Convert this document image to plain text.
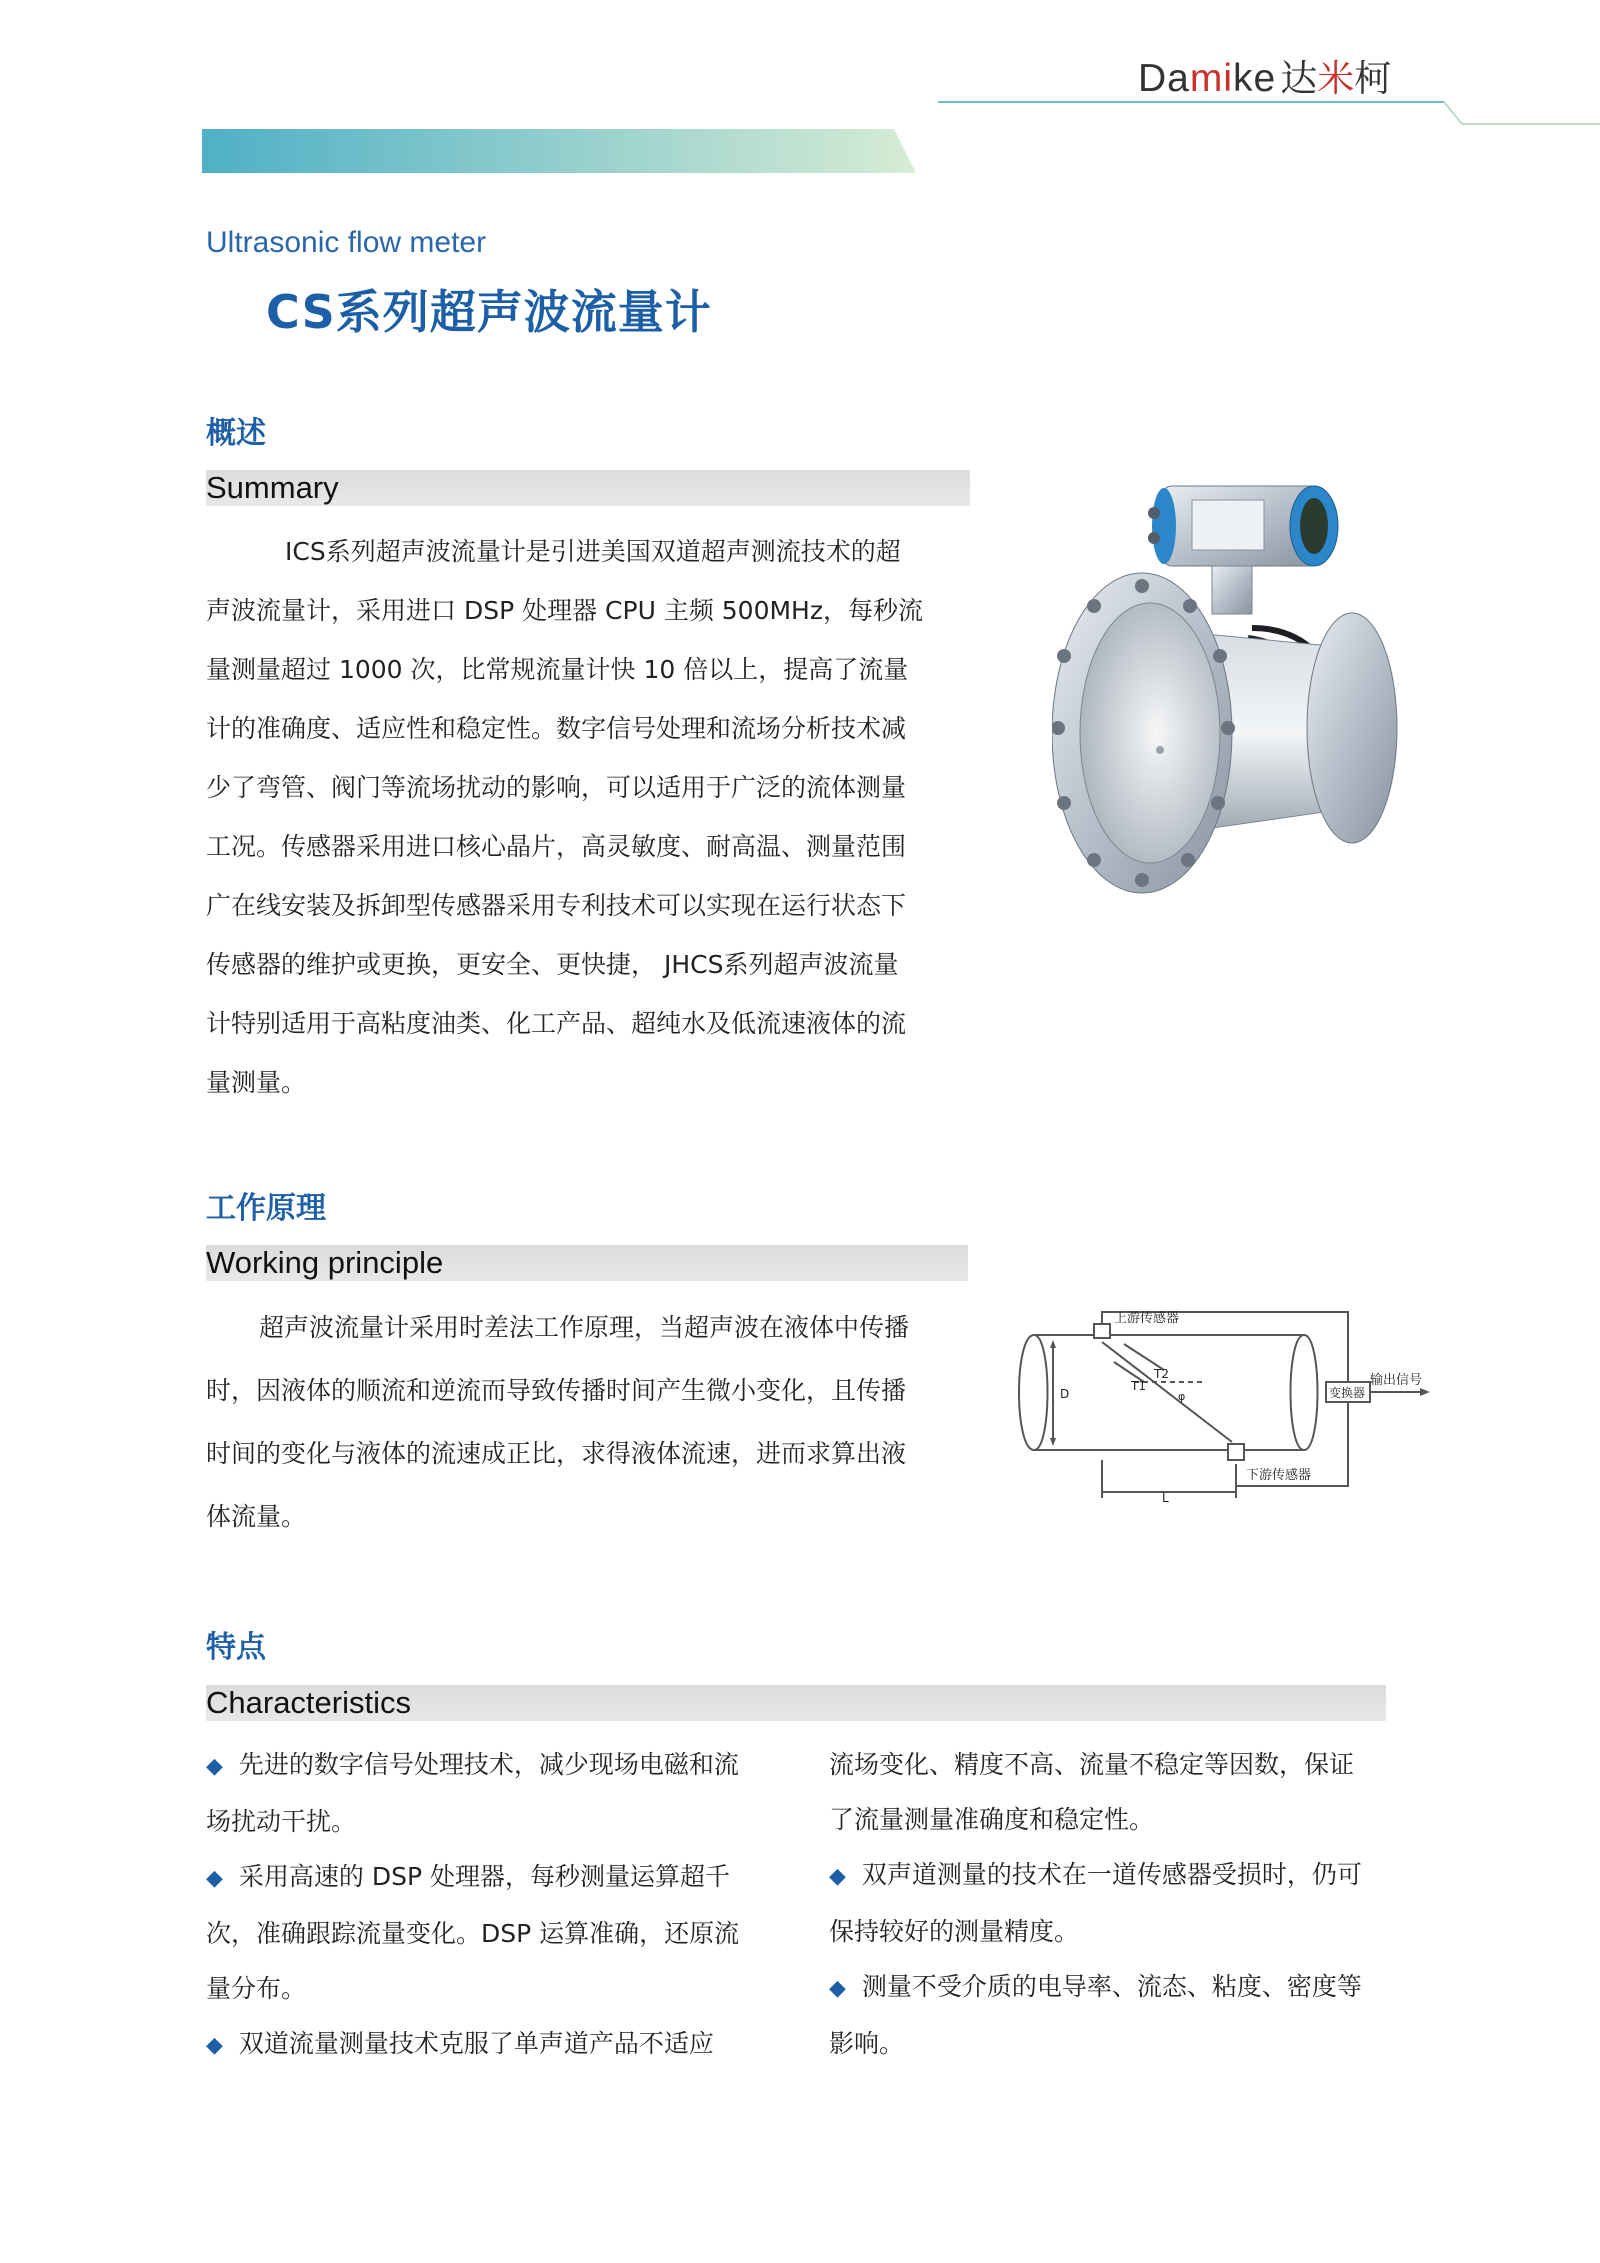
Damike 达米柯
Ultrasonic flow meter
CS系列超声波流量计
概述
Summary
ICS系列超声波流量计是引进美国双道超声测流技术的超
声波流量计，采用进口 DSP 处理器 CPU 主频 500MHz，每秒流
量测量超过 1000 次，比常规流量计快 10 倍以上，提高了流量
计的准确度、适应性和稳定性。数字信号处理和流场分析技术减
少了弯管、阀门等流场扰动的影响，可以适用于广泛的流体测量
工况。传感器采用进口核心晶片，高灵敏度、耐高温、测量范围
广在线安装及拆卸型传感器采用专利技术可以实现在运行状态下
传感器的维护或更换，更安全、更快捷， JHCS系列超声波流量
计特别适用于高粘度油类、化工产品、超纯水及低流速液体的流
量测量。
工作原理
Working principle
超声波流量计采用时差法工作原理，当超声波在液体中传播
时，因液体的顺流和逆流而导致传播时间产生微小变化，且传播
时间的变化与液体的流速成正比，求得液体流速，进而求算出液
体流量。
上游传感器
下游传感器
变换器
输出信号
T2
T1
φ
D
L
特点
Characteristics
◆ 先进的数字信号处理技术，减少现场电磁和流
场扰动干扰。
◆ 采用高速的 DSP 处理器，每秒测量运算超千
次，准确跟踪流量变化。DSP 运算准确，还原流
量分布。
◆ 双道流量测量技术克服了单声道产品不适应
流场变化、精度不高、流量不稳定等因数，保证
了流量测量准确度和稳定性。
◆ 双声道测量的技术在一道传感器受损时，仍可
保持较好的测量精度。
◆ 测量不受介质的电导率、流态、粘度、密度等
影响。
